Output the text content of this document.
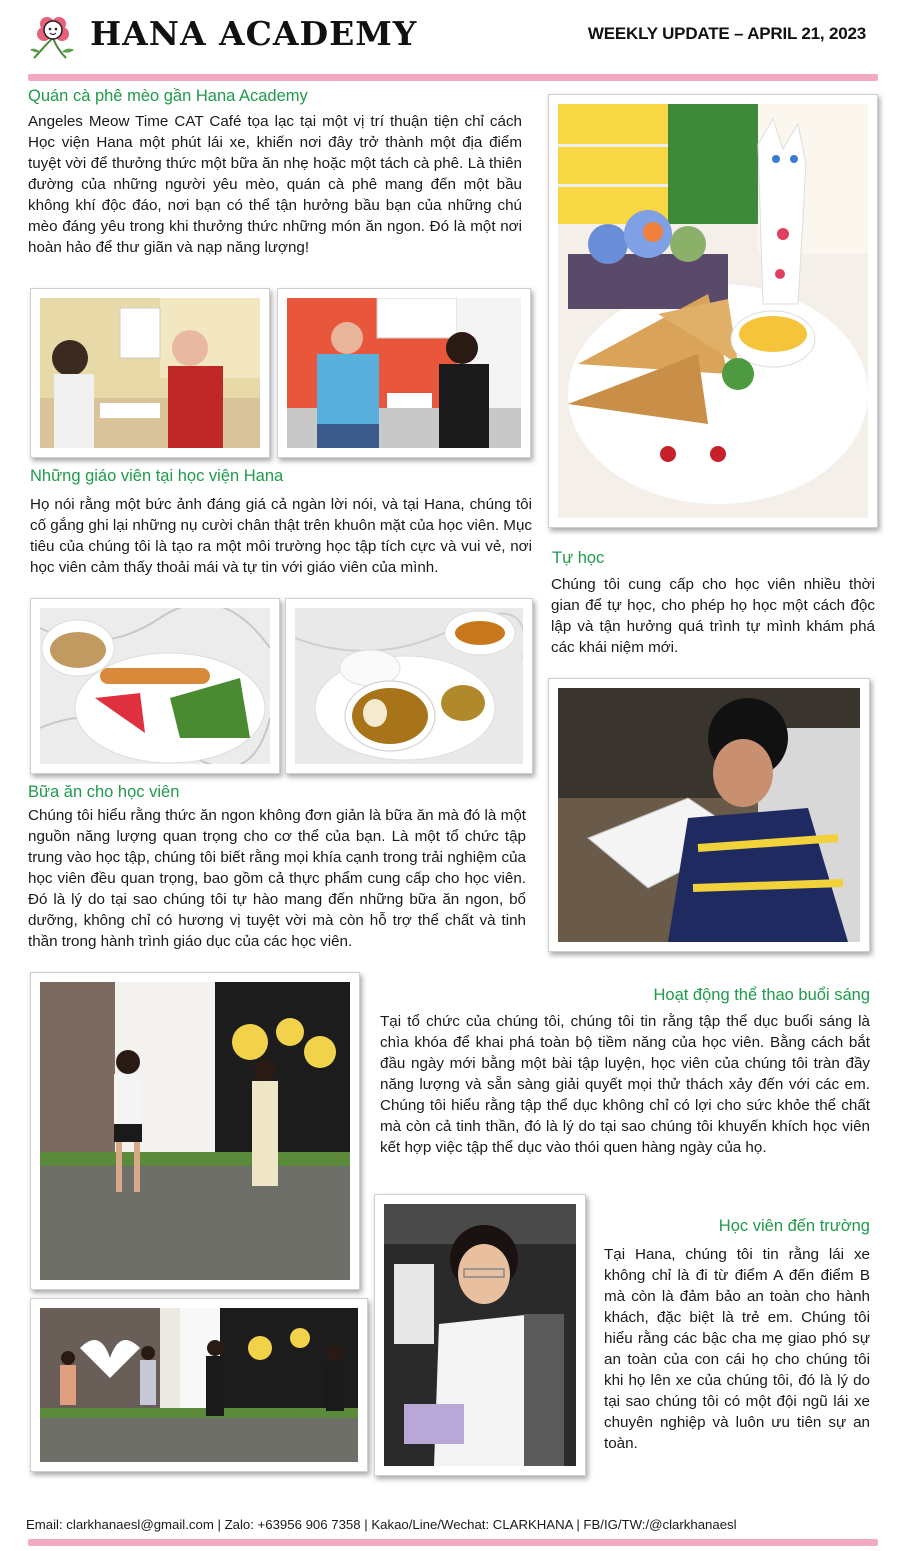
HANA ACADEMY	WEEKLY UPDATE – APRIL 21, 2023
Quán cà phê mèo gần Hana Academy
Angeles Meow Time CAT Café tọa lạc tại một vị trí thuận tiện chỉ cách Học viện Hana một phút lái xe, khiến nơi đây trở thành một địa điểm tuyệt vời để thưởng thức một bữa ăn nhẹ hoặc một tách cà phê. Là thiên đường của những người yêu mèo, quán cà phê mang đến một bầu không khí độc đáo, nơi bạn có thể tận hưởng bầu bạn của những chú mèo đáng yêu trong khi thưởng thức những món ăn ngon. Đó là một nơi hoàn hảo để thư giãn và nạp năng lượng!
Những giáo viên tại học viện Hana
Họ nói rằng một bức ảnh đáng giá cả ngàn lời nói, và tại Hana, chúng tôi cố gắng ghi lại những nụ cười chân thật trên khuôn mặt của học viên. Mục tiêu của chúng tôi là tạo ra một môi trường học tập tích cực và vui vẻ, nơi học viên cảm thấy thoải mái và tự tin với giáo viên của mình.
Tự học
Chúng tôi cung cấp cho học viên nhiều thời gian để tự học, cho phép họ học một cách độc lập và tận hưởng quá trình tự mình khám phá các khái niệm mới.
Bữa ăn cho học viên
Chúng tôi hiểu rằng thức ăn ngon không đơn giản là bữa ăn mà đó là một nguồn năng lượng quan trọng cho cơ thể của bạn. Là một tổ chức tập trung vào học tập, chúng tôi biết rằng mọi khía cạnh trong trải nghiệm của học viên đều quan trọng, bao gồm cả thực phẩm cung cấp cho học viên. Đó là lý do tại sao chúng tôi tự hào mang đến những bữa ăn ngon, bổ dưỡng, không chỉ có hương vị tuyệt vời mà còn hỗ trợ thể chất và tinh thần trong hành trình giáo dục của các học viên.
Hoạt động thể thao buổi sáng
Tại tổ chức của chúng tôi, chúng tôi tin rằng tập thể dục buổi sáng là chìa khóa để khai phá toàn bộ tiềm năng của học viên. Bằng cách bắt đầu ngày mới bằng một bài tập luyện, học viên của chúng tôi tràn đầy năng lượng và sẵn sàng giải quyết mọi thử thách xảy đến với các em. Chúng tôi hiểu rằng tập thể dục không chỉ có lợi cho sức khỏe thể chất mà còn cả tinh thần, đó là lý do tại sao chúng tôi khuyến khích học viên kết hợp việc tập thể dục vào thói quen hàng ngày của họ.
Học viên đến trường
Tại Hana, chúng tôi tin rằng lái xe không chỉ là đi từ điểm A đến điểm B mà còn là đảm bảo an toàn cho hành khách, đặc biệt là trẻ em. Chúng tôi hiểu rằng các bậc cha mẹ giao phó sự an toàn của con cái họ cho chúng tôi khi họ lên xe của chúng tôi, đó là lý do tại sao chúng tôi có một đội ngũ lái xe chuyên nghiệp và luôn ưu tiên sự an toàn.
Email: clarkhanaesl@gmail.com | Zalo: +63956 906 7358 | Kakao/Line/Wechat: CLARKHANA | FB/IG/TW:/@clarkhanaesl
